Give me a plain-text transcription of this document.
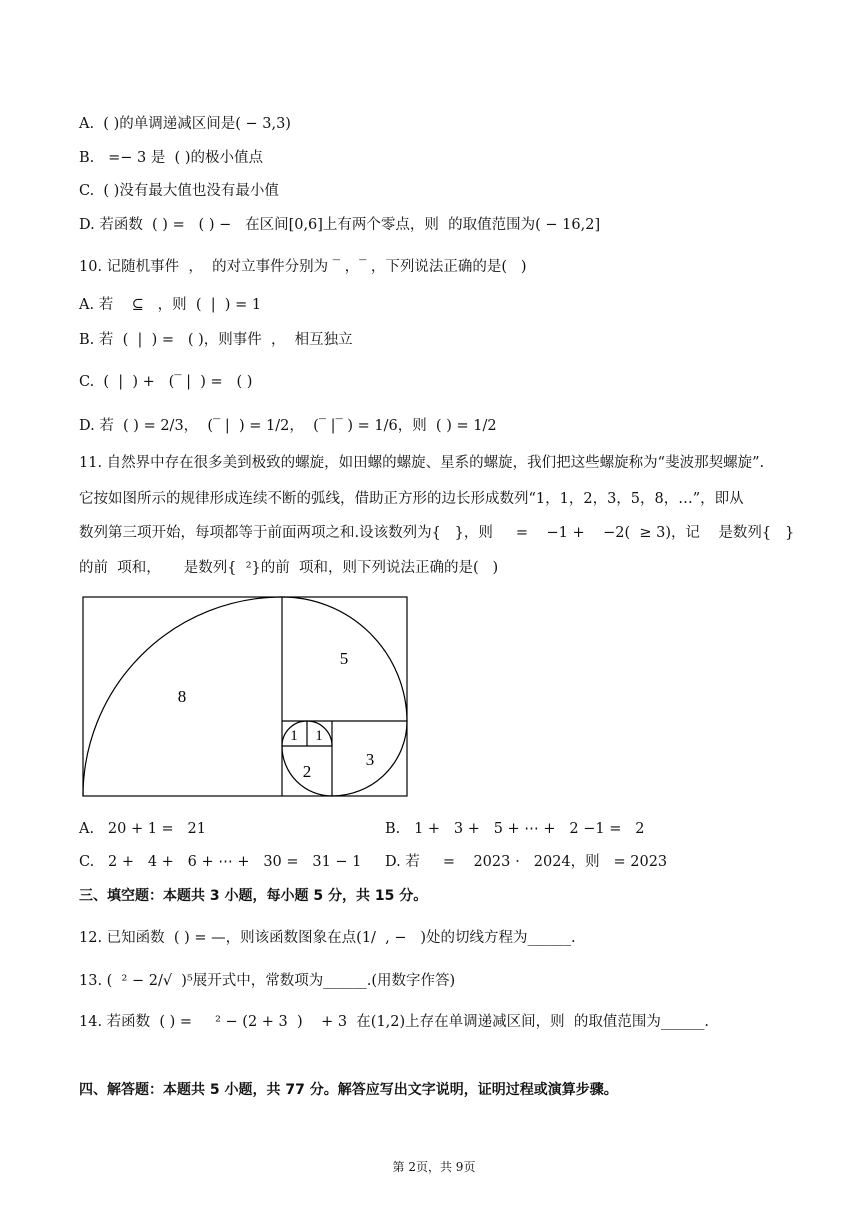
A.  ( )的单调递减区间是( − 3,3)
B.   =− 3 是  ( )的极小值点
C.  ( )没有最大值也没有最小值
D. 若函数  ( ) =   ( ) −   在区间[0,6]上有两个零点，则  的取值范围为( − 16,2]
10. 记随机事件  ，  的对立事件分别为 ‾ ，‾ ，下列说法正确的是(   )
A. 若    ⊆   ，则  (  |  ) = 1
B. 若  (  |  ) =   ( )，则事件  ，  相互独立
C.  (  |  ) +   (‾ |  ) =   ( )
D. 若  ( ) = 2/3，  (‾ |  ) = 1/2，  (‾ |‾ ) = 1/6，则  ( ) = 1/2
11. 自然界中存在很多美到极致的螺旋，如田螺的螺旋、星系的螺旋，我们把这些螺旋称为“斐波那契螺旋”.
它按如图所示的规律形成连续不断的弧线，借助正方形的边长形成数列“1，1，2，3，5，8，…”，即从
数列第三项开始，每项都等于前面两项之和.设该数列为{   }，则     =    −1 +    −2(  ≥ 3)，记    是数列{   }
的前  项和，     是数列{  ²}的前  项和，则下列说法正确的是(   )
8
5
3
2
1 1
A.   20 + 1 =   21	B.   1 +   3 +   5 + ⋯ +   2 −1 =   2
C.   2 +   4 +   6 + ⋯ +   30 =   31 − 1 D. 若     =    2023 ⋅   2024，则   = 2023
三、填空题：本题共 3 小题，每小题 5 分，共 15 分。
12. 已知函数  ( ) = —，则该函数图象在点(1/  , −   )处的切线方程为______.
13. (  ² − 2/√  )⁵展开式中，常数项为______.(用数字作答)
14. 若函数  ( ) =     ² − (2 + 3  )    + 3  在(1,2)上存在单调递减区间，则  的取值范围为______.
四、解答题：本题共 5 小题，共 77 分。解答应写出文字说明，证明过程或演算步骤。
第 2页，共 9页
